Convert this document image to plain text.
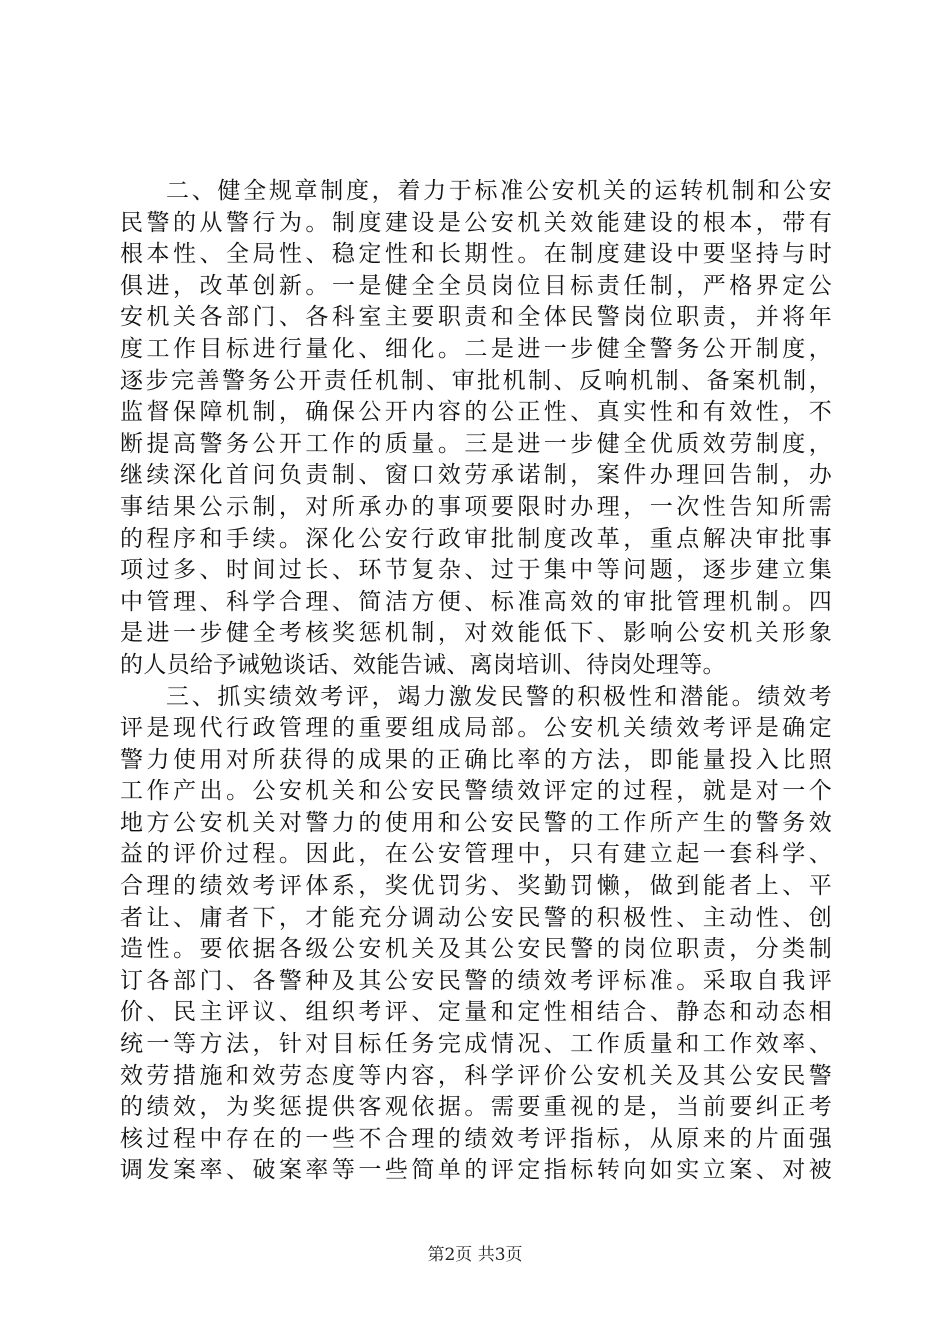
二、健全规章制度，着力于标准公安机关的运转机制和公安
民警的从警行为。制度建设是公安机关效能建设的根本，带有
根本性、全局性、稳定性和长期性。在制度建设中要坚持与时
俱进，改革创新。一是健全全员岗位目标责任制，严格界定公
安机关各部门、各科室主要职责和全体民警岗位职责，并将年
度工作目标进行量化、细化。二是进一步健全警务公开制度，
逐步完善警务公开责任机制、审批机制、反响机制、备案机制，
监督保障机制，确保公开内容的公正性、真实性和有效性，不
断提高警务公开工作的质量。三是进一步健全优质效劳制度，
继续深化首问负责制、窗口效劳承诺制，案件办理回告制，办
事结果公示制，对所承办的事项要限时办理，一次性告知所需
的程序和手续。深化公安行政审批制度改革，重点解决审批事
项过多、时间过长、环节复杂、过于集中等问题，逐步建立集
中管理、科学合理、简洁方便、标准高效的审批管理机制。四
是进一步健全考核奖惩机制，对效能低下、影响公安机关形象
的人员给予诫勉谈话、效能告诫、离岗培训、待岗处理等。
三、抓实绩效考评，竭力激发民警的积极性和潜能。绩效考
评是现代行政管理的重要组成局部。公安机关绩效考评是确定
警力使用对所获得的成果的正确比率的方法，即能量投入比照
工作产出。公安机关和公安民警绩效评定的过程，就是对一个
地方公安机关对警力的使用和公安民警的工作所产生的警务效
益的评价过程。因此，在公安管理中，只有建立起一套科学、
合理的绩效考评体系，奖优罚劣、奖勤罚懒，做到能者上、平
者让、庸者下，才能充分调动公安民警的积极性、主动性、创
造性。要依据各级公安机关及其公安民警的岗位职责，分类制
订各部门、各警种及其公安民警的绩效考评标准。采取自我评
价、民主评议、组织考评、定量和定性相结合、静态和动态相
统一等方法，针对目标任务完成情况、工作质量和工作效率、
效劳措施和效劳态度等内容，科学评价公安机关及其公安民警
的绩效，为奖惩提供客观依据。需要重视的是，当前要纠正考
核过程中存在的一些不合理的绩效考评指标，从原来的片面强
调发案率、破案率等一些简单的评定指标转向如实立案、对被
第2页 共3页
